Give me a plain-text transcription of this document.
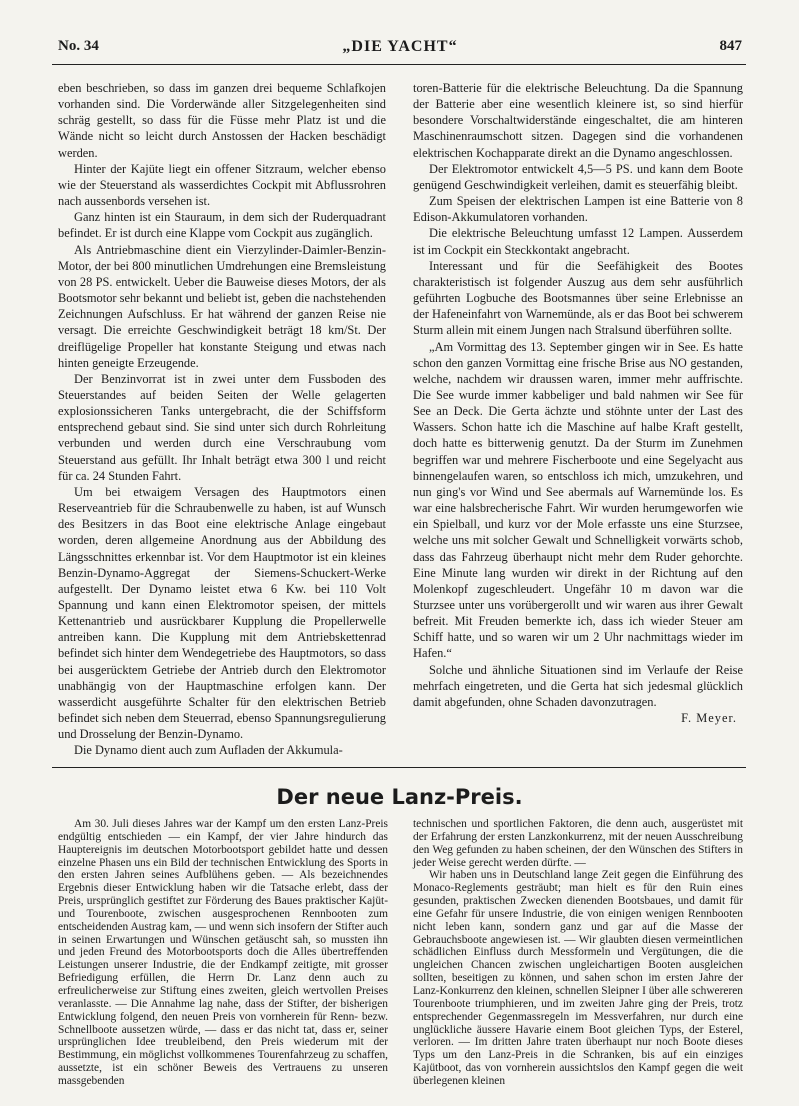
No. 34	„DIE YACHT“	847

eben beschrieben, so dass im ganzen drei bequeme Schlafkojen vorhanden sind. Die Vorderwände aller Sitzgelegenheiten sind schräg gestellt, so dass für die Füsse mehr Platz ist und die Wände nicht so leicht durch Anstossen der Hacken beschädigt werden.

Hinter der Kajüte liegt ein offener Sitzraum, welcher ebenso wie der Steuerstand als wasserdichtes Cockpit mit Abflussrohren nach aussenbords versehen ist.

Ganz hinten ist ein Stauraum, in dem sich der Ruderquadrant befindet. Er ist durch eine Klappe vom Cockpit aus zugänglich.

Als Antriebmaschine dient ein Vierzylinder-Daimler-Benzin-Motor, der bei 800 minutlichen Umdrehungen eine Bremsleistung von 28 PS. entwickelt. Ueber die Bauweise dieses Motors, der als Bootsmotor sehr bekannt und beliebt ist, geben die nachstehenden Zeichnungen Aufschluss. Er hat während der ganzen Reise nie versagt. Die erreichte Geschwindigkeit beträgt 18 km/St. Der dreiflügelige Propeller hat konstante Steigung und etwas nach hinten geneigte Erzeugende.

Der Benzinvorrat ist in zwei unter dem Fussboden des Steuerstandes auf beiden Seiten der Welle gelagerten explosionssicheren Tanks untergebracht, die der Schiffsform entsprechend gebaut sind. Sie sind unter sich durch Rohrleitung verbunden und werden durch eine Verschraubung vom Steuerstand aus gefüllt. Ihr Inhalt beträgt etwa 300 l und reicht für ca. 24 Stunden Fahrt.

Um bei etwaigem Versagen des Hauptmotors einen Reserveantrieb für die Schraubenwelle zu haben, ist auf Wunsch des Besitzers in das Boot eine elektrische Anlage eingebaut worden, deren allgemeine Anordnung aus der Abbildung des Längsschnittes erkennbar ist. Vor dem Hauptmotor ist ein kleines Benzin-Dynamo-Aggregat der Siemens-Schuckert-Werke aufgestellt. Der Dynamo leistet etwa 6 Kw. bei 110 Volt Spannung und kann einen Elektromotor speisen, der mittels Kettenantrieb und ausrückbarer Kupplung die Propellerwelle antreiben kann. Die Kupplung mit dem Antriebskettenrad befindet sich hinter dem Wendegetriebe des Hauptmotors, so dass bei ausgerücktem Getriebe der Antrieb durch den Elektromotor unabhängig von der Hauptmaschine erfolgen kann. Der wasserdicht ausgeführte Schalter für den elektrischen Betrieb befindet sich neben dem Steuerrad, ebenso Spannungsregulierung und Drosselung der Benzin-Dynamo.

Die Dynamo dient auch zum Aufladen der Akkumula-

toren-Batterie für die elektrische Beleuchtung. Da die Spannung der Batterie aber eine wesentlich kleinere ist, so sind hierfür besondere Vorschaltwiderstände eingeschaltet, die am hinteren Maschinenraumschott sitzen. Dagegen sind die vorhandenen elektrischen Kochapparate direkt an die Dynamo angeschlossen.

Der Elektromotor entwickelt 4,5—5 PS. und kann dem Boote genügend Geschwindigkeit verleihen, damit es steuerfähig bleibt.

Zum Speisen der elektrischen Lampen ist eine Batterie von 8 Edison-Akkumulatoren vorhanden.

Die elektrische Beleuchtung umfasst 12 Lampen. Ausserdem ist im Cockpit ein Steckkontakt angebracht.

Interessant und für die Seefähigkeit des Bootes charakteristisch ist folgender Auszug aus dem sehr ausführlich geführten Logbuche des Bootsmannes über seine Erlebnisse an der Hafeneinfahrt von Warnemünde, als er das Boot bei schwerem Sturm allein mit einem Jungen nach Stralsund überführen sollte.

„Am Vormittag des 13. September gingen wir in See. Es hatte schon den ganzen Vormittag eine frische Brise aus NO gestanden, welche, nachdem wir draussen waren, immer mehr auffrischte. Die See wurde immer kabbeliger und bald nahmen wir See für See an Deck. Die Gerta ächzte und stöhnte unter der Last des Wassers. Schon hatte ich die Maschine auf halbe Kraft gestellt, doch hatte es bitterwenig genutzt. Da der Sturm im Zunehmen begriffen war und mehrere Fischerboote und eine Segelyacht aus binnengelaufen waren, so entschloss ich mich, umzukehren, und nun ging's vor Wind und See abermals auf Warnemünde los. Es war eine halsbrecherische Fahrt. Wir wurden herumgeworfen wie ein Spielball, und kurz vor der Mole erfasste uns eine Sturzsee, welche uns mit solcher Gewalt und Schnelligkeit vorwärts schob, dass das Fahrzeug überhaupt nicht mehr dem Ruder gehorchte. Eine Minute lang wurden wir direkt in der Richtung auf den Molenkopf zugeschleudert. Ungefähr 10 m davon war die Sturzsee unter uns vorübergerollt und wir waren aus ihrer Gewalt befreit. Mit Freuden bemerkte ich, dass ich wieder Steuer am Schiff hatte, und so waren wir um 2 Uhr nachmittags wieder im Hafen.“

Solche und ähnliche Situationen sind im Verlaufe der Reise mehrfach eingetreten, und die Gerta hat sich jedesmal glücklich damit abgefunden, ohne Schaden davonzutragen.

F. Meyer.

Der neue Lanz-Preis.

Am 30. Juli dieses Jahres war der Kampf um den ersten Lanz-Preis endgültig entschieden — ein Kampf, der vier Jahre hindurch das Hauptereignis im deutschen Motorbootsport gebildet hatte und dessen einzelne Phasen uns ein Bild der technischen Entwicklung des Sports in den ersten Jahren seines Aufblühens geben. — Als bezeichnendes Ergebnis dieser Entwicklung haben wir die Tatsache erlebt, dass der Preis, ursprünglich gestiftet zur Förderung des Baues praktischer Kajüt- und Tourenboote, zwischen ausgesprochenen Rennbooten zum entscheidenden Austrag kam, — und wenn sich insofern der Stifter auch in seinen Erwartungen und Wünschen getäuscht sah, so mussten ihn und jeden Freund des Motorbootsports doch die Alles übertreffenden Leistungen unserer Industrie, die der Endkampf zeitigte, mit grosser Befriedigung erfüllen, die Herrn Dr. Lanz denn auch zu erfreulicherweise zur Stiftung eines zweiten, gleich wertvollen Preises veranlasste. — Die Annahme lag nahe, dass der Stifter, der bisherigen Entwicklung folgend, den neuen Preis von vornherein für Renn- bezw. Schnellboote aussetzen würde, — dass er das nicht tat, dass er, seiner ursprünglichen Idee treubleibend, den Preis wiederum mit der Bestimmung, ein möglichst vollkommenes Tourenfahrzeug zu schaffen, aussetzte, ist ein schöner Beweis des Vertrauens zu unseren massgebenden

technischen und sportlichen Faktoren, die denn auch, ausgerüstet mit der Erfahrung der ersten Lanzkonkurrenz, mit der neuen Ausschreibung den Weg gefunden zu haben scheinen, der den Wünschen des Stifters in jeder Weise gerecht werden dürfte. —

Wir haben uns in Deutschland lange Zeit gegen die Einführung des Monaco-Reglements gesträubt; man hielt es für den Ruin eines gesunden, praktischen Zwecken dienenden Bootsbaues, und damit für eine Gefahr für unsere Industrie, die von einigen wenigen Rennbooten nicht leben kann, sondern ganz und gar auf die Masse der Gebrauchsboote angewiesen ist. — Wir glaubten diesen vermeintlichen schädlichen Einfluss durch Messformeln und Vergütungen, die die ungleichen Chancen zwischen ungleichartigen Booten ausgleichen sollten, beseitigen zu können, und sahen schon im ersten Jahre der Lanz-Konkurrenz den kleinen, schnellen Sleipner I über alle schwereren Tourenboote triumphieren, und im zweiten Jahre ging der Preis, trotz entsprechender Gegenmassregeln im Messverfahren, nur durch eine unglückliche äussere Havarie einem Boot gleichen Typs, der Esterel, verloren. — Im dritten Jahre traten überhaupt nur noch Boote dieses Typs um den Lanz-Preis in die Schranken, bis auf ein einziges Kajütboot, das von vornherein aussichtslos den Kampf gegen die weit überlegenen kleinen
